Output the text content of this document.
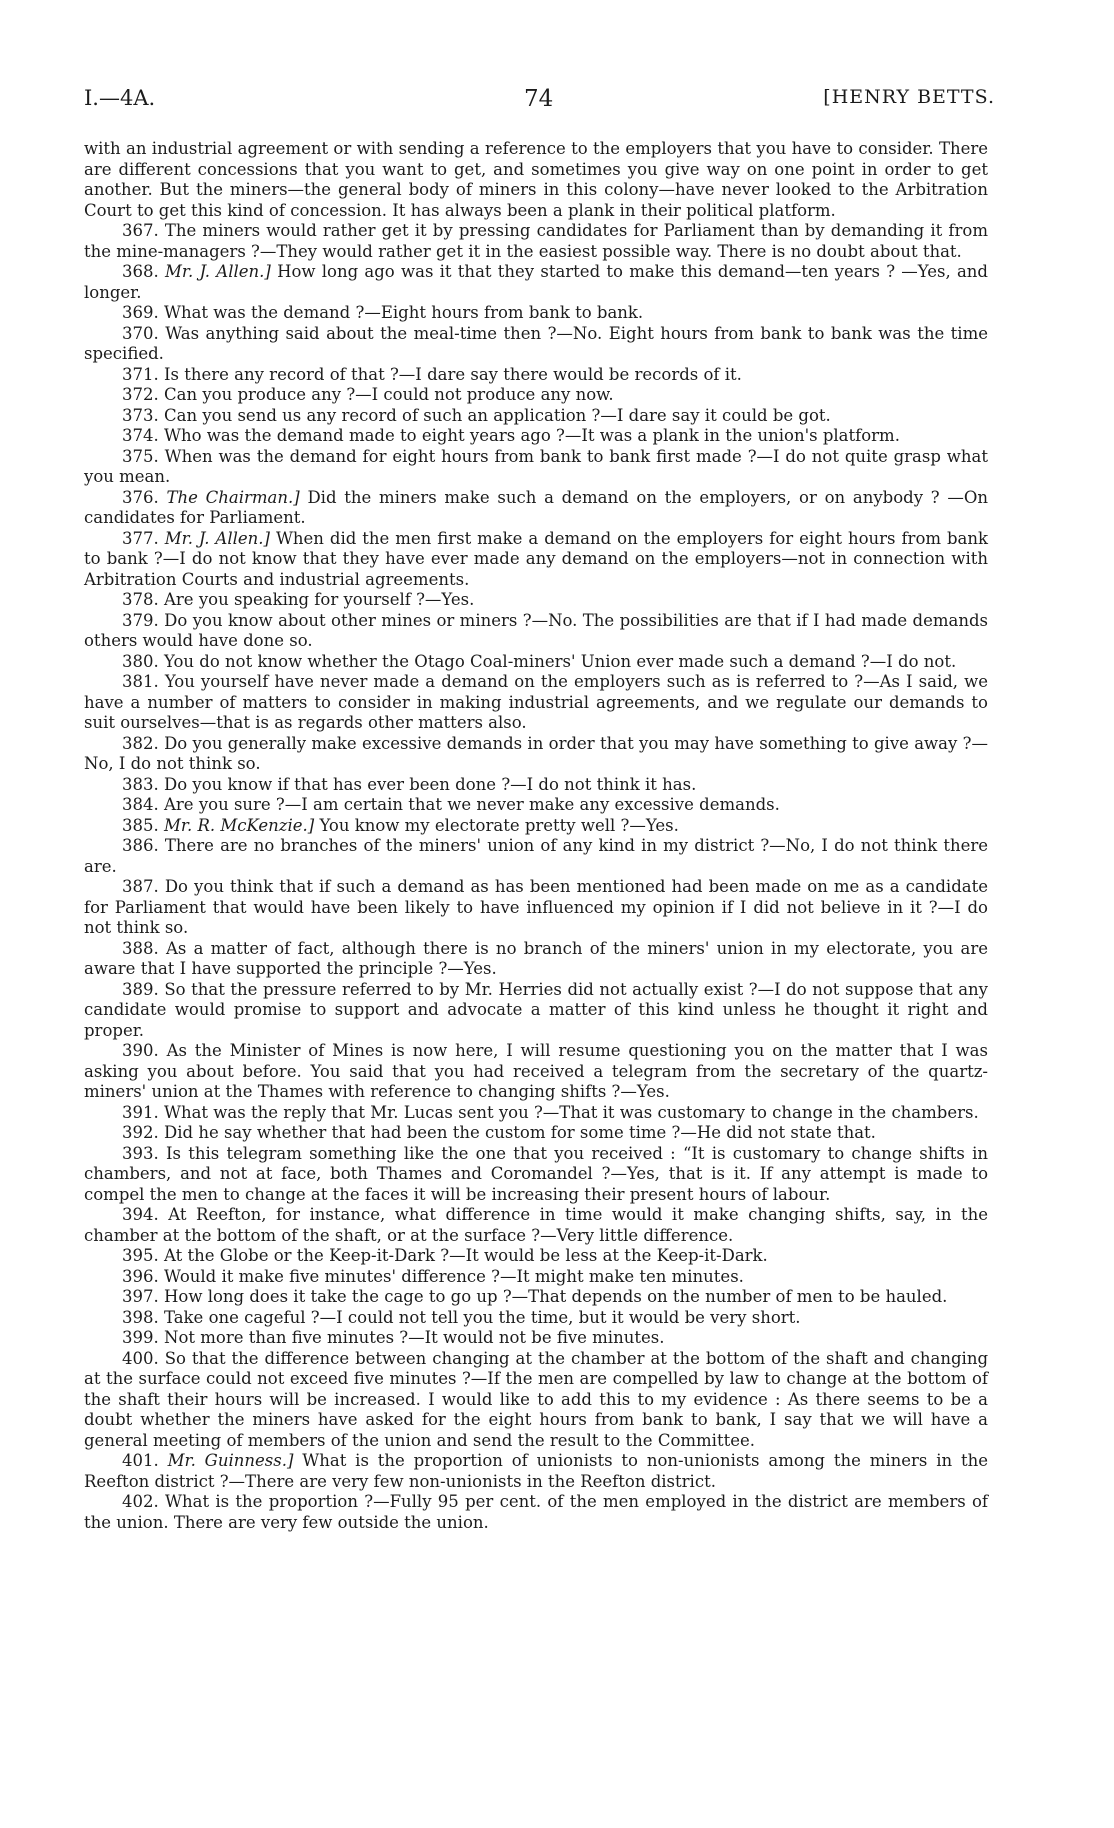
I.—4A.	74	[HENRY BETTS.

with an industrial agreement or with sending a reference to the employers that you have to consider. There are different concessions that you want to get, and sometimes you give way on one point in order to get another. But the miners—the general body of miners in this colony—have never looked to the Arbitration Court to get this kind of concession. It has always been a plank in their political platform.

367. The miners would rather get it by pressing candidates for Parliament than by demanding it from the mine-managers ?—They would rather get it in the easiest possible way. There is no doubt about that.

368. Mr. J. Allen.] How long ago was it that they started to make this demand—ten years ? —Yes, and longer.

369. What was the demand ?—Eight hours from bank to bank.

370. Was anything said about the meal-time then ?—No. Eight hours from bank to bank was the time specified.

371. Is there any record of that ?—I dare say there would be records of it.

372. Can you produce any ?—I could not produce any now.

373. Can you send us any record of such an application ?—I dare say it could be got.

374. Who was the demand made to eight years ago ?—It was a plank in the union's platform.

375. When was the demand for eight hours from bank to bank first made ?—I do not quite grasp what you mean.

376. The Chairman.] Did the miners make such a demand on the employers, or on anybody ? —On candidates for Parliament.

377. Mr. J. Allen.] When did the men first make a demand on the employers for eight hours from bank to bank ?—I do not know that they have ever made any demand on the employers—not in connection with Arbitration Courts and industrial agreements.

378. Are you speaking for yourself ?—Yes.

379. Do you know about other mines or miners ?—No. The possibilities are that if I had made demands others would have done so.

380. You do not know whether the Otago Coal-miners' Union ever made such a demand ?—I do not.

381. You yourself have never made a demand on the employers such as is referred to ?—As I said, we have a number of matters to consider in making industrial agreements, and we regulate our demands to suit ourselves—that is as regards other matters also.

382. Do you generally make excessive demands in order that you may have something to give away ?—No, I do not think so.

383. Do you know if that has ever been done ?—I do not think it has.

384. Are you sure ?—I am certain that we never make any excessive demands.

385. Mr. R. McKenzie.] You know my electorate pretty well ?—Yes.

386. There are no branches of the miners' union of any kind in my district ?—No, I do not think there are.

387. Do you think that if such a demand as has been mentioned had been made on me as a candidate for Parliament that would have been likely to have influenced my opinion if I did not believe in it ?—I do not think so.

388. As a matter of fact, although there is no branch of the miners' union in my electorate, you are aware that I have supported the principle ?—Yes.

389. So that the pressure referred to by Mr. Herries did not actually exist ?—I do not suppose that any candidate would promise to support and advocate a matter of this kind unless he thought it right and proper.

390. As the Minister of Mines is now here, I will resume questioning you on the matter that I was asking you about before. You said that you had received a telegram from the secretary of the quartz-miners' union at the Thames with reference to changing shifts ?—Yes.

391. What was the reply that Mr. Lucas sent you ?—That it was customary to change in the chambers.

392. Did he say whether that had been the custom for some time ?—He did not state that.

393. Is this telegram something like the one that you received : “It is customary to change shifts in chambers, and not at face, both Thames and Coromandel ?—Yes, that is it. If any attempt is made to compel the men to change at the faces it will be increasing their present hours of labour.

394. At Reefton, for instance, what difference in time would it make changing shifts, say, in the chamber at the bottom of the shaft, or at the surface ?—Very little difference.

395. At the Globe or the Keep-it-Dark ?—It would be less at the Keep-it-Dark.

396. Would it make five minutes' difference ?—It might make ten minutes.

397. How long does it take the cage to go up ?—That depends on the number of men to be hauled.

398. Take one cageful ?—I could not tell you the time, but it would be very short.

399. Not more than five minutes ?—It would not be five minutes.

400. So that the difference between changing at the chamber at the bottom of the shaft and changing at the surface could not exceed five minutes ?—If the men are compelled by law to change at the bottom of the shaft their hours will be increased. I would like to add this to my evidence : As there seems to be a doubt whether the miners have asked for the eight hours from bank to bank, I say that we will have a general meeting of members of the union and send the result to the Committee.

401. Mr. Guinness.] What is the proportion of unionists to non-unionists among the miners in the Reefton district ?—There are very few non-unionists in the Reefton district.

402. What is the proportion ?—Fully 95 per cent. of the men employed in the district are members of the union. There are very few outside the union.
